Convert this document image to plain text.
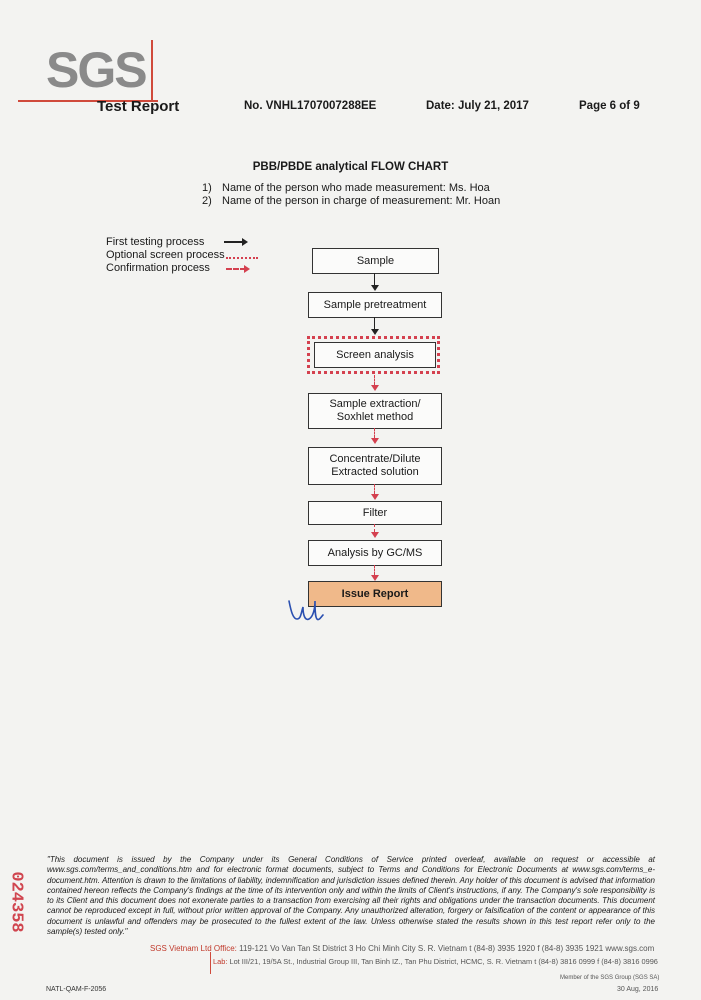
SGS
Test Report	No. VNHL1707007288EE	Date: July 21, 2017	Page 6 of 9
PBB/PBDE analytical FLOW CHART
1) Name of the person who made measurement: Ms. Hoa
2) Name of the person in charge of measurement: Mr. Hoan
First testing process
Optional screen process
Confirmation process
Sample
Sample pretreatment
Screen analysis
Sample extraction/
Soxhlet method
Concentrate/Dilute
Extracted solution
Filter
Analysis by GC/MS
Issue Report
024358
"This document is issued by the Company under its General Conditions of Service printed overleaf, available on request or accessible at www.sgs.com/terms_and_conditions.htm and for electronic format documents, subject to Terms and Conditions for Electronic Documents at www.sgs.com/terms_e-document.htm. Attention is drawn to the limitations of liability, indemnification and jurisdiction issues defined therein. Any holder of this document is advised that information contained hereon reflects the Company's findings at the time of its intervention only and within the limits of Client's instructions, if any. The Company's sole responsibility is to its Client and this document does not exonerate parties to a transaction from exercising all their rights and obligations under the transaction documents. This document cannot be reproduced except in full, without prior written approval of the Company. Any unauthorized alteration, forgery or falsification of the content or appearance of this document is unlawful and offenders may be prosecuted to the fullest extent of the law. Unless otherwise stated the results shown in this test report refer only to the sample(s) tested only."
SGS Vietnam Ltd Office: 119-121 Vo Van Tan St District 3 Ho Chi Minh City S. R. Vietnam t (84-8) 3935 1920 f (84-8) 3935 1921 www.sgs.com
Lab: Lot III/21, 19/5A St., Industrial Group III, Tan Binh IZ., Tan Phu District, HCMC, S. R. Vietnam t (84-8) 3816 0999 f (84-8) 3816 0996
Member of the SGS Group (SGS SA)
30 Aug, 2016
NATL-QAM-F-2056
